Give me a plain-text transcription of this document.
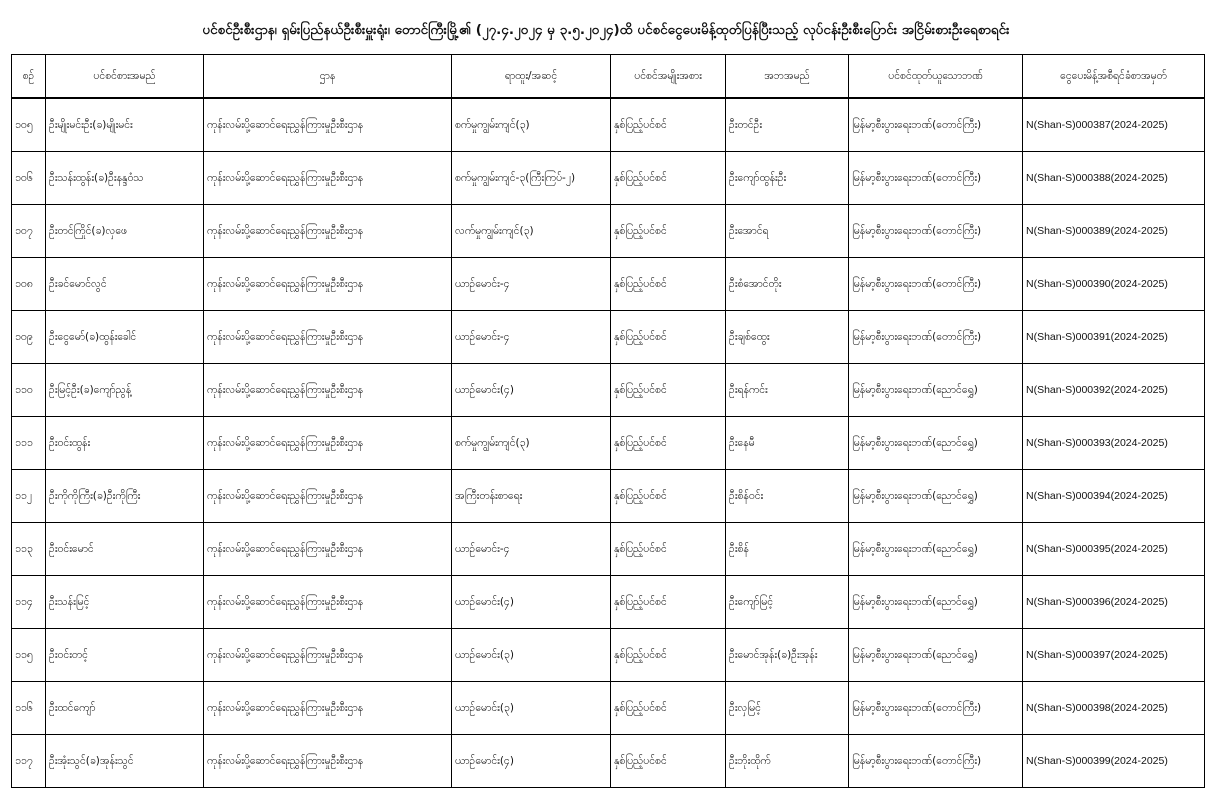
ပင်စင်ဦးစီးဌာန၊ ရှမ်းပြည်နယ်ဦးစီးမှူးရုံး၊ တောင်ကြီးမြို့၏ (၂၇.၄.၂၀၂၄ မှ ၃.၅.၂၀၂၄)ထိ ပင်စင်ငွေပေးမိန့်ထုတ်ပြန်ပြီးသည့် လုပ်ငန်းဦးစီးပြောင်း အငြိမ်းစားဦးရေစာရင်း
စဉ်	ပင်စင်စားအမည်	ဌာန	ရာထူး/အဆင့်	ပင်စင်အမျိုးအစား	အဘအမည်	ပင်စင်ထုတ်ယူသောဘဏ်	ငွေပေးမိန့်အစီရင်ခံစာအမှတ်
၁၀၅	ဦးမျိုးမင်းဦး(ခ)မျိုးမင်း	ကုန်းလမ်းပို့ဆောင်ရေးညွှန်ကြားမှုဦးစီးဌာန	စက်မှုကျွမ်းကျင်(၃)	နှစ်ပြည့်ပင်စင်	ဦးတင်ဦး	မြန်မာ့စီးပွားရေးဘဏ်(တောင်ကြီး)	N(Shan-S)000387(2024-2025)
၁၀၆	ဦးသန်းထွန်း(ခ)ဦးနန္ဒဝံသ	ကုန်းလမ်းပို့ဆောင်ရေးညွှန်ကြားမှုဦးစီးဌာန	စက်မှုကျွမ်းကျင်-၃(ကြီးကြပ်-၂)	နှစ်ပြည့်ပင်စင်	ဦးကျော်ထွန်းဦး	မြန်မာ့စီးပွားရေးဘဏ်(တောင်ကြီး)	N(Shan-S)000388(2024-2025)
၁၀၇	ဦးတင်ကြိုင်(ခ)လှဖေ	ကုန်းလမ်းပို့ဆောင်ရေးညွှန်ကြားမှုဦးစီးဌာန	လက်မှုကျွမ်းကျင်(၃)	နှစ်ပြည့်ပင်စင်	ဦးအောင်ရ	မြန်မာ့စီးပွားရေးဘဏ်(တောင်ကြီး)	N(Shan-S)000389(2024-2025)
၁၀၈	ဦးခင်မောင်လွင်	ကုန်းလမ်းပို့ဆောင်ရေးညွှန်ကြားမှုဦးစီးဌာန	ယာဉ်မောင်း-၄	နှစ်ပြည့်ပင်စင်	ဦးစံအောင်တိုး	မြန်မာ့စီးပွားရေးဘဏ်(တောင်ကြီး)	N(Shan-S)000390(2024-2025)
၁၀၉	ဦးငွေမော်(ခ)ထွန်းခေါင်	ကုန်းလမ်းပို့ဆောင်ရေးညွှန်ကြားမှုဦးစီးဌာန	ယာဉ်မောင်း-၄	နှစ်ပြည့်ပင်စင်	ဦးချစ်ထွေး	မြန်မာ့စီးပွားရေးဘဏ်(တောင်ကြီး)	N(Shan-S)000391(2024-2025)
၁၁၀	ဦးမြင့်ဦး(ခ)ကျော်ညွန့်	ကုန်းလမ်းပို့ဆောင်ရေးညွှန်ကြားမှုဦးစီးဌာန	ယာဉ်မောင်း(၄)	နှစ်ပြည့်ပင်စင်	ဦးရန်ကင်း	မြန်မာ့စီးပွားရေးဘဏ်(ညောင်ရွှေ)	N(Shan-S)000392(2024-2025)
၁၁၁	ဦးဝင်းထွန်း	ကုန်းလမ်းပို့ဆောင်ရေးညွှန်ကြားမှုဦးစီးဌာန	စက်မှုကျွမ်းကျင်(၃)	နှစ်ပြည့်ပင်စင်	ဦးနေမီ	မြန်မာ့စီးပွားရေးဘဏ်(ညောင်ရွှေ)	N(Shan-S)000393(2024-2025)
၁၁၂	ဦးကိုကိုကြီး(ခ)ဦးကိုကြီး	ကုန်းလမ်းပို့ဆောင်ရေးညွှန်ကြားမှုဦးစီးဌာန	အကြီးတန်းစာရေး	နှစ်ပြည့်ပင်စင်	ဦးစိန်ဝင်း	မြန်မာ့စီးပွားရေးဘဏ်(ညောင်ရွှေ)	N(Shan-S)000394(2024-2025)
၁၁၃	ဦးဝင်းမောင်	ကုန်းလမ်းပို့ဆောင်ရေးညွှန်ကြားမှုဦးစီးဌာန	ယာဉ်မောင်း-၄	နှစ်ပြည့်ပင်စင်	ဦးစိန်	မြန်မာ့စီးပွားရေးဘဏ်(ညောင်ရွှေ)	N(Shan-S)000395(2024-2025)
၁၁၄	ဦးသန်းမြင့်	ကုန်းလမ်းပို့ဆောင်ရေးညွှန်ကြားမှုဦးစီးဌာန	ယာဉ်မောင်း(၄)	နှစ်ပြည့်ပင်စင်	ဦးကျော်မြင့်	မြန်မာ့စီးပွားရေးဘဏ်(ညောင်ရွှေ)	N(Shan-S)000396(2024-2025)
၁၁၅	ဦးဝင်းတင့်	ကုန်းလမ်းပို့ဆောင်ရေးညွှန်ကြားမှုဦးစီးဌာန	ယာဉ်မောင်း(၃)	နှစ်ပြည့်ပင်စင်	ဦးမောင်အုန်း(ခ)ဦးအုန်း	မြန်မာ့စီးပွားရေးဘဏ်(ညောင်ရွှေ)	N(Shan-S)000397(2024-2025)
၁၁၆	ဦးထင်ကျော်	ကုန်းလမ်းပို့ဆောင်ရေးညွှန်ကြားမှုဦးစီးဌာန	ယာဉ်မောင်း(၃)	နှစ်ပြည့်ပင်စင်	ဦးလှမြင့်	မြန်မာ့စီးပွားရေးဘဏ်(တောင်ကြီး)	N(Shan-S)000398(2024-2025)
၁၁၇	ဦးအုံးသွင်(ခ)အုန်းသွင်	ကုန်းလမ်းပို့ဆောင်ရေးညွှန်ကြားမှုဦးစီးဌာန	ယာဉ်မောင်း(၄)	နှစ်ပြည့်ပင်စင်	ဦးဘိုးထိုက်	မြန်မာ့စီးပွားရေးဘဏ်(တောင်ကြီး)	N(Shan-S)000399(2024-2025)
